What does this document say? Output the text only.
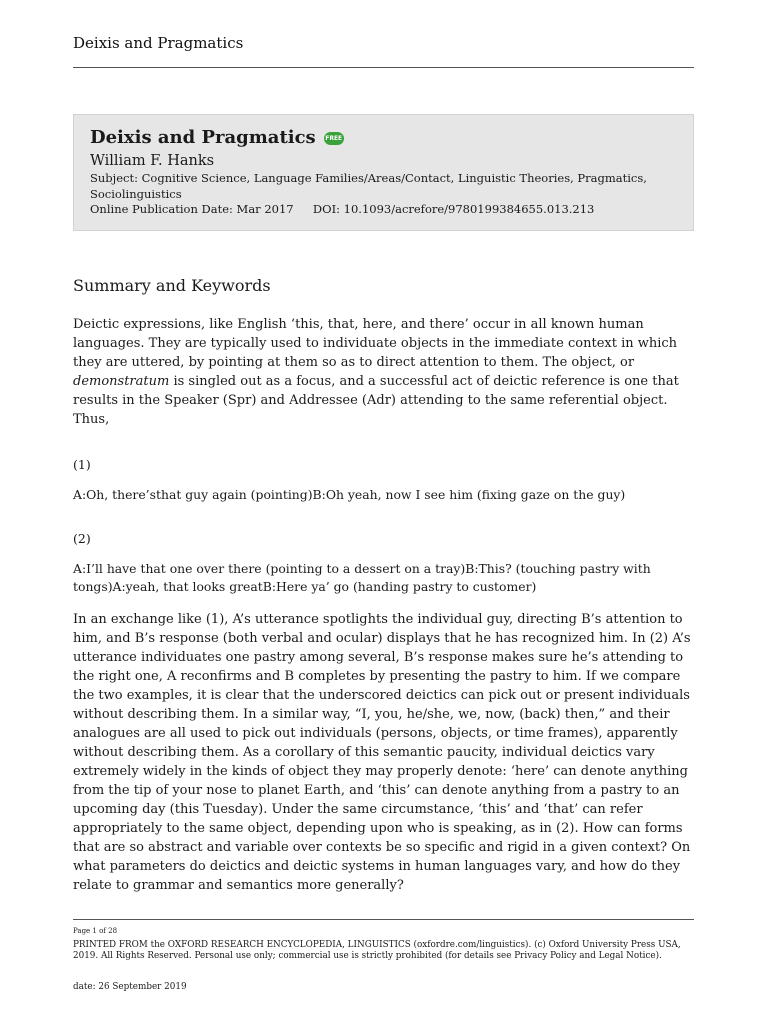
Deixis and Pragmatics
Deixis and Pragmatics FREE
William F. Hanks
Subject: Cognitive Science, Language Families/Areas/Contact, Linguistic Theories, Pragmatics, Sociolinguistics
Online Publication Date: Mar 2017 DOI: 10.1093/acrefore/9780199384655.013.213
Summary and Keywords

Deictic expressions, like English ‘this, that, here, and there’ occur in all known human languages. They are typically used to individuate objects in the immediate context in which they are uttered, by pointing at them so as to direct attention to them. The object, or demonstratum is singled out as a focus, and a successful act of deictic reference is one that results in the Speaker (Spr) and Addressee (Adr) attending to the same referential object. Thus,

(1)

A:Oh, there’sthat guy again (pointing)B:Oh yeah, now I see him (fixing gaze on the guy)

(2)

A:I’ll have that one over there (pointing to a dessert on a tray)B:This? (touching pastry with tongs)A:yeah, that looks greatB:Here ya’ go (handing pastry to customer)

In an exchange like (1), A’s utterance spotlights the individual guy, directing B’s attention to him, and B’s response (both verbal and ocular) displays that he has recognized him. In (2) A’s utterance individuates one pastry among several, B’s response makes sure he’s attending to the right one, A reconfirms and B completes by presenting the pastry to him. If we compare the two examples, it is clear that the underscored deictics can pick out or present individuals without describing them. In a similar way, “I, you, he/she, we, now, (back) then,” and their analogues are all used to pick out individuals (persons, objects, or time frames), apparently without describing them. As a corollary of this semantic paucity, individual deictics vary extremely widely in the kinds of object they may properly denote: ‘here’ can denote anything from the tip of your nose to planet Earth, and ‘this’ can denote anything from a pastry to an upcoming day (this Tuesday). Under the same circumstance, ‘this’ and ‘that’ can refer appropriately to the same object, depending upon who is speaking, as in (2). How can forms that are so abstract and variable over contexts be so specific and rigid in a given context? On what parameters do deictics and deictic systems in human languages vary, and how do they relate to grammar and semantics more generally?

Page 1 of 28
PRINTED FROM the OXFORD RESEARCH ENCYCLOPEDIA, LINGUISTICS (oxfordre.com/linguistics). (c) Oxford University Press USA, 2019. All Rights Reserved. Personal use only; commercial use is strictly prohibited (for details see Privacy Policy and Legal Notice).
date: 26 September 2019
